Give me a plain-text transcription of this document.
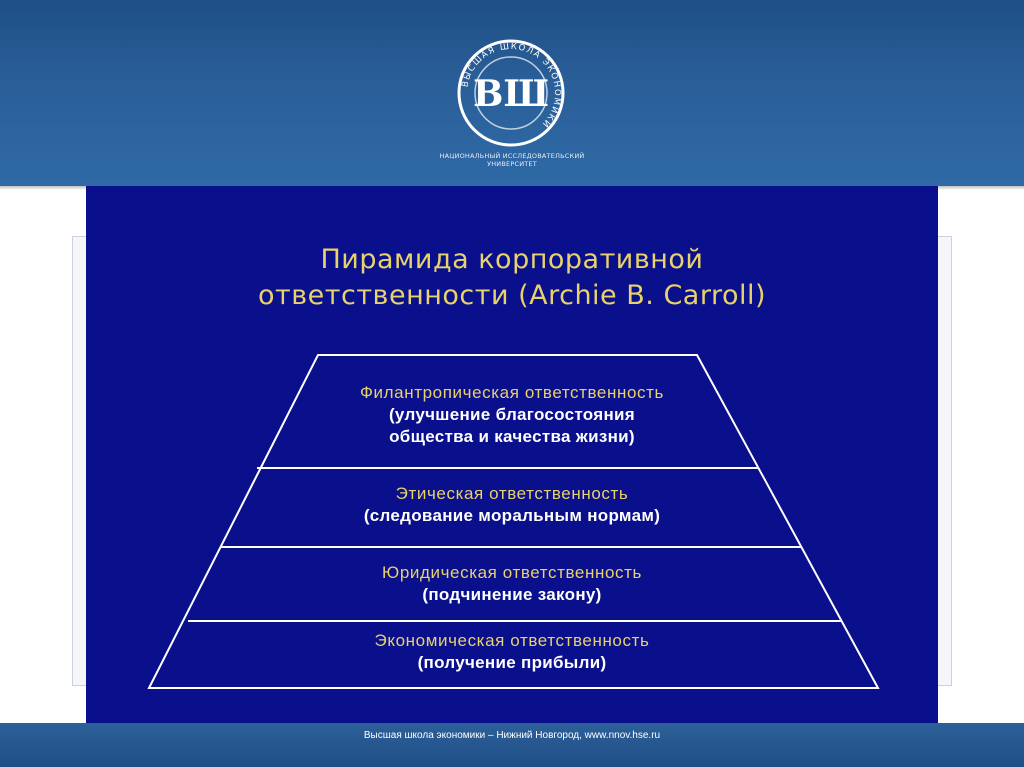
ВЫСШАЯ ШКОЛА ЭКОНОМИКИ
ВШ
НАЦИОНАЛЬНЫЙ ИССЛЕДОВАТЕЛЬСКИЙ
УНИВЕРСИТЕТ
Пирамида корпоративной
ответственности (Archie B. Carroll)
Филантропическая ответственность
(улучшение благосостояния
общества и качества жизни)
Этическая ответственность
(следование моральным нормам)
Юридическая ответственность
(подчинение закону)
Экономическая ответственность
(получение прибыли)
Высшая школа экономики – Нижний Новгород, www.nnov.hse.ru
